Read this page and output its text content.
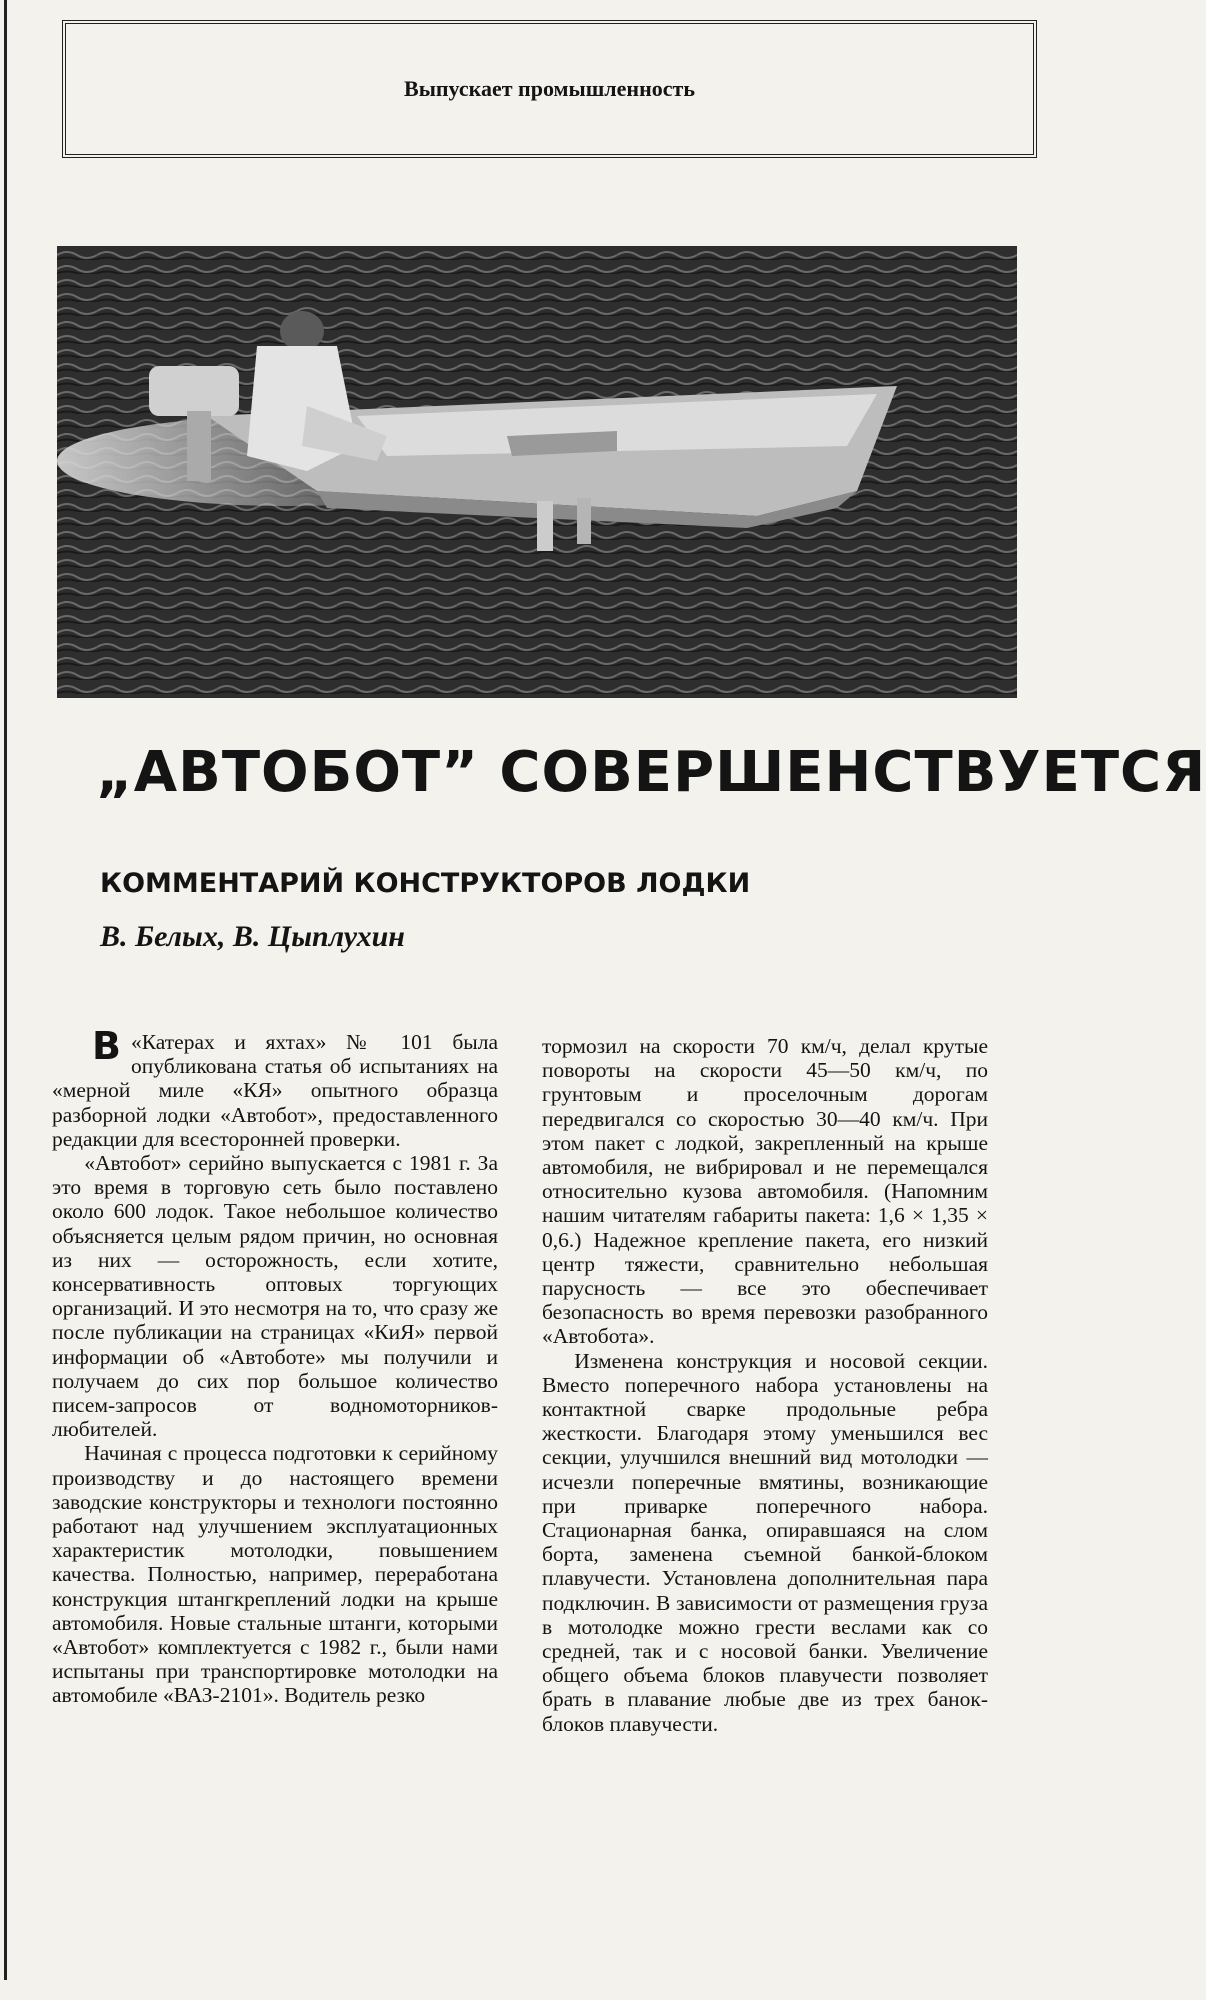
Выпускает промышленность
„АВТОБОТ” СОВЕРШЕНСТВУЕТСЯ
КОММЕНТАРИЙ КОНСТРУКТОРОВ ЛОДКИ
В. Белых, В. Цыплухин

В «Катерах и яхтах» № 101 была опубликована статья об испытаниях на «мерной миле «КЯ» опытного образца разборной лодки «Автобот», предоставленного редакции для всесторонней проверки.

«Автобот» серийно выпускается с 1981 г. За это время в торговую сеть было поставлено около 600 лодок. Такое небольшое количество объясняется целым рядом причин, но основная из них — осторожность, если хотите, консервативность оптовых торгующих организаций. И это несмотря на то, что сразу же после публикации на страницах «КиЯ» первой информации об «Автоботе» мы получили и получаем до сих пор большое количество писем-запросов от водномоторников-любителей.

Начиная с процесса подготовки к серийному производству и до настоящего времени заводские конструкторы и технологи постоянно работают над улучшением эксплуатационных характеристик мотолодки, повышением качества. Полностью, например, переработана конструкция штангкреплений лодки на крыше автомобиля. Новые стальные штанги, которыми «Автобот» комплектуется с 1982 г., были нами испытаны при транспортировке мотолодки на автомобиле «ВАЗ-2101». Водитель резко

тормозил на скорости 70 км/ч, делал крутые повороты на скорости 45—50 км/ч, по грунтовым и проселочным дорогам передвигался со скоростью 30—40 км/ч. При этом пакет с лодкой, закрепленный на крыше автомобиля, не вибрировал и не перемещался относительно кузова автомобиля. (Напомним нашим читателям габариты пакета: 1,6 × 1,35 × 0,6.) Надежное крепление пакета, его низкий центр тяжести, сравнительно небольшая парусность — все это обеспечивает безопасность во время перевозки разобранного «Автобота».

Изменена конструкция и носовой секции. Вместо поперечного набора установлены на контактной сварке продольные ребра жесткости. Благодаря этому уменьшился вес секции, улучшился внешний вид мотолодки — исчезли поперечные вмятины, возникающие при приварке поперечного набора. Стационарная банка, опиравшаяся на слом борта, заменена съемной банкой-блоком плавучести. Установлена дополнительная пара подключин. В зависимости от размещения груза в мотолодке можно грести веслами как со средней, так и с носовой банки. Увеличение общего объема блоков плавучести позволяет брать в плавание любые две из трех банок-блоков плавучести.
